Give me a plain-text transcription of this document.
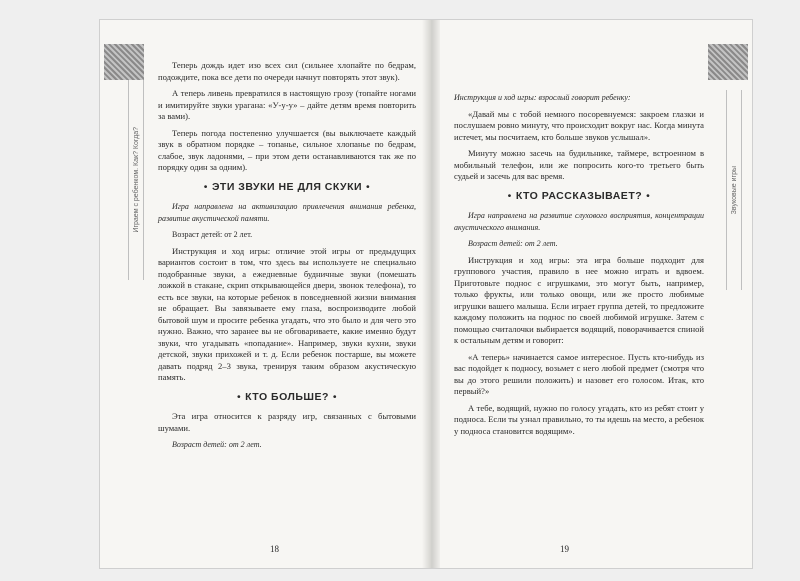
Играем с ребенком. Как? Когда?

Теперь дождь идет изо всех сил (сильнее хлопайте по бедрам, подождите, пока все дети по очереди начнут повторять этот звук).

А теперь ливень превратился в настоящую грозу (топайте ногами и имитируйте звуки урагана: «У-у-у» – дайте детям время повторить за вами).

Теперь погода постепенно улучшается (вы выключаете каждый звук в обратном порядке – топанье, сильное хлопанье по бедрам, слабое, звук ладонями, – при этом дети останавливаются так же по порядку один за одним).

• ЭТИ ЗВУКИ НЕ ДЛЯ СКУКИ •

Игра направлена на активизацию привлечения внимания ребенка, развитие акустической памяти.

Возраст детей: от 2 лет.

Инструкция и ход игры: отличие этой игры от предыдущих вариантов состоит в том, что здесь вы используете не специально подобранные звуки, а ежедневные будничные звуки (помешать ложкой в стакане, скрип открывающейся двери, звонок телефона), то есть все звуки, на которые ребенок в повседневной жизни внимания не обращает. Вы завязываете ему глаза, воспроизводите любой бытовой шум и просите ребенка угадать, что это было и для чего это нужно. Важно, что заранее вы не обговариваете, какие именно будут звуки, что угадывать «попадание». Например, звуки кухни, звуки детской, звуки прихожей и т. д. Если ребенок постарше, вы можете давать подряд 2–3 звука, тренируя таким образом акустическую память.

• КТО БОЛЬШЕ? •

Эта игра относится к разряду игр, связанных с бытовыми шумами.

Возраст детей: от 2 лет.

18
Звуковые игры

Инструкция и ход игры: взрослый говорит ребенку:

«Давай мы с тобой немного посоревнуемся: закроем глазки и послушаем ровно минуту, что происходит вокруг нас. Когда минута истечет, мы посчитаем, кто больше звуков услышал».

Минуту можно засечь на будильнике, таймере, встроенном в мобильный телефон, или же попросить кого-то третьего быть судьей и засечь для вас время.

• КТО РАССКАЗЫВАЕТ? •

Игра направлена на развитие слухового восприятия, концентрации акустического внимания.

Возраст детей: от 2 лет.

Инструкция и ход игры: эта игра больше подходит для группового участия, правило в нее можно играть и вдвоем. Приготовьте поднос с игрушками, это могут быть, например, только фрукты, или только овощи, или же просто любимые игрушки вашего малыша. Если играет группа детей, то предложите каждому положить на поднос по своей любимой игрушке. Затем с помощью считалочки выбирается водящий, поворачивается спиной к остальным детям и говорит:

«А теперь» начинается самое интересное. Пусть кто-нибудь из вас подойдет к подносу, возьмет с него любой предмет (смотря что вы до этого решили положить) и назовет его голосом. Итак, кто первый?»

А тебе, водящий, нужно по голосу угадать, кто из ребят стоит у подноса. Если ты узнал правильно, то ты идешь на место, а ребенок у подноса становится водящим».

19
